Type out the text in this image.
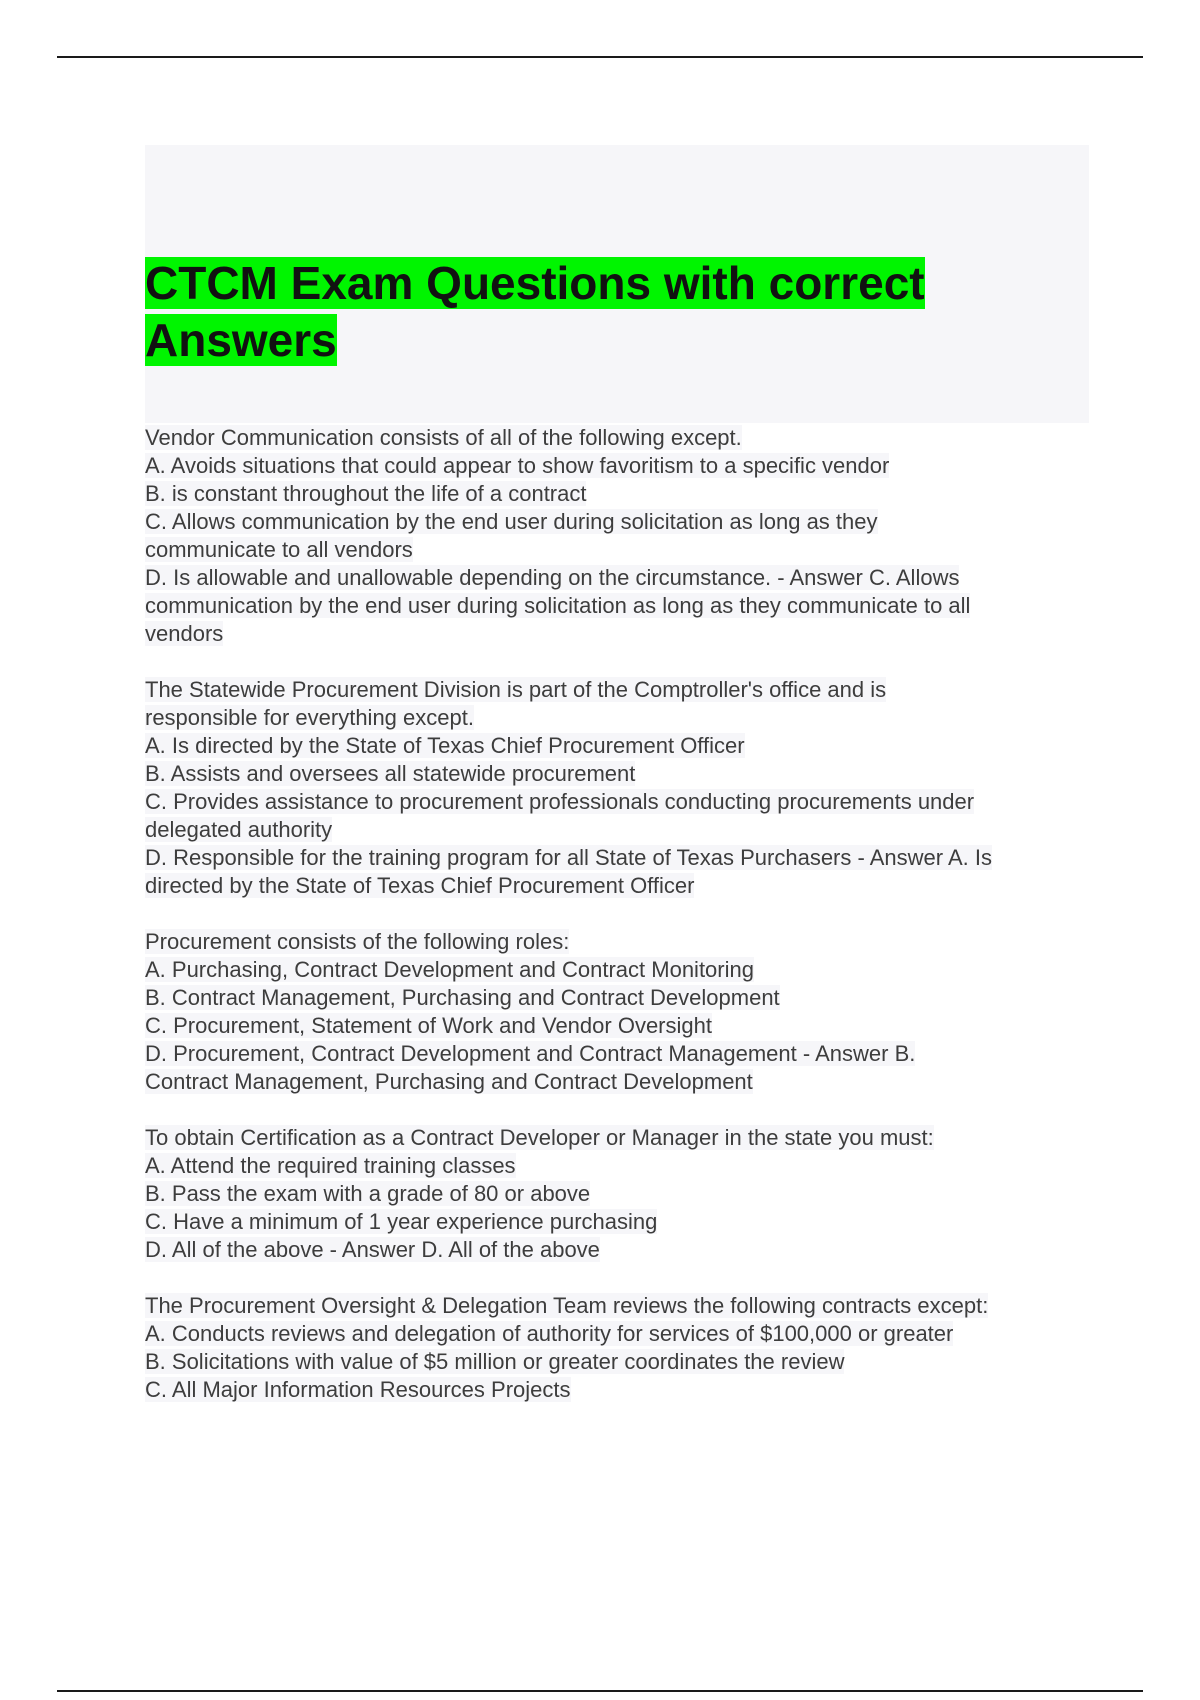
CTCM Exam Questions with correct Answers
Vendor Communication consists of all of the following except.
A. Avoids situations that could appear to show favoritism to a specific vendor
B. is constant throughout the life of a contract
C. Allows communication by the end user during solicitation as long as they
communicate to all vendors
D. Is allowable and unallowable depending on the circumstance. - Answer C. Allows
communication by the end user during solicitation as long as they communicate to all
vendors
The Statewide Procurement Division is part of the Comptroller's office and is
responsible for everything except.
A. Is directed by the State of Texas Chief Procurement Officer
B. Assists and oversees all statewide procurement
C. Provides assistance to procurement professionals conducting procurements under
delegated authority
D. Responsible for the training program for all State of Texas Purchasers - Answer A. Is
directed by the State of Texas Chief Procurement Officer
Procurement consists of the following roles:
A. Purchasing, Contract Development and Contract Monitoring
B. Contract Management, Purchasing and Contract Development
C. Procurement, Statement of Work and Vendor Oversight
D. Procurement, Contract Development and Contract Management - Answer B.
Contract Management, Purchasing and Contract Development
To obtain Certification as a Contract Developer or Manager in the state you must:
A. Attend the required training classes
B. Pass the exam with a grade of 80 or above
C. Have a minimum of 1 year experience purchasing
D. All of the above - Answer D. All of the above
The Procurement Oversight & Delegation Team reviews the following contracts except:
A. Conducts reviews and delegation of authority for services of $100,000 or greater
B. Solicitations with value of $5 million or greater coordinates the review
C. All Major Information Resources Projects
